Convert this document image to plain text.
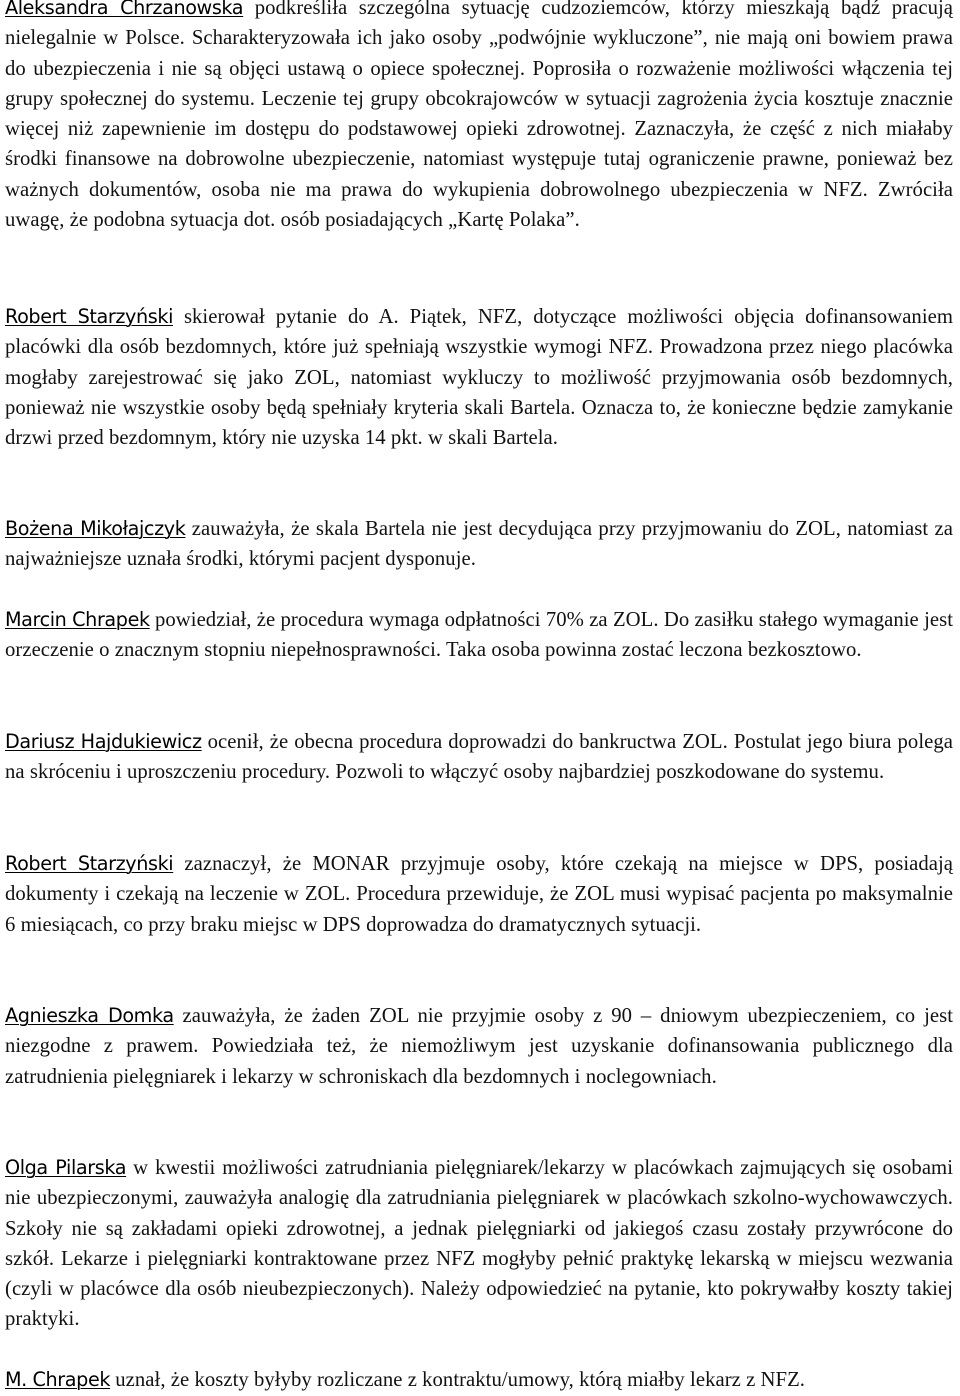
Aleksandra Chrzanowska podkreśliła szczególna sytuację cudzoziemców, którzy mieszkają bądź pracują nielegalnie w Polsce. Scharakteryzowała ich jako osoby „podwójnie wykluczone”, nie mają oni bowiem prawa do ubezpieczenia i nie są objęci ustawą o opiece społecznej. Poprosiła o rozważenie możliwości włączenia tej grupy społecznej do systemu. Leczenie tej grupy obcokrajowców w sytuacji zagrożenia życia kosztuje znacznie więcej niż zapewnienie im dostępu do podstawowej opieki zdrowotnej. Zaznaczyła, że część z nich miałaby środki finansowe na dobrowolne ubezpieczenie, natomiast występuje tutaj ograniczenie prawne, ponieważ bez ważnych dokumentów, osoba nie ma prawa do wykupienia dobrowolnego ubezpieczenia w NFZ. Zwróciła uwagę, że podobna sytuacja dot. osób posiadających „Kartę Polaka”.

Robert Starzyński skierował pytanie do A. Piątek, NFZ, dotyczące możliwości objęcia dofinansowaniem placówki dla osób bezdomnych, które już spełniają wszystkie wymogi NFZ. Prowadzona przez niego placówka mogłaby zarejestrować się jako ZOL, natomiast wykluczy to możliwość przyjmowania osób bezdomnych, ponieważ nie wszystkie osoby będą spełniały kryteria skali Bartela. Oznacza to, że konieczne będzie zamykanie drzwi przed bezdomnym, który nie uzyska 14 pkt. w skali Bartela.

Bożena Mikołajczyk zauważyła, że skala Bartela nie jest decydująca przy przyjmowaniu do ZOL, natomiast za najważniejsze uznała środki, którymi pacjent dysponuje.

Marcin Chrapek powiedział, że procedura wymaga odpłatności 70% za ZOL. Do zasiłku stałego wymaganie jest orzeczenie o znacznym stopniu niepełnosprawności. Taka osoba powinna zostać leczona bezkosztowo.

Dariusz Hajdukiewicz ocenił, że obecna procedura doprowadzi do bankructwa ZOL. Postulat jego biura polega na skróceniu i uproszczeniu procedury. Pozwoli to włączyć osoby najbardziej poszkodowane do systemu.

Robert Starzyński zaznaczył, że MONAR przyjmuje osoby, które czekają na miejsce w DPS, posiadają dokumenty i czekają na leczenie w ZOL. Procedura przewiduje, że ZOL musi wypisać pacjenta po maksymalnie 6 miesiącach, co przy braku miejsc w DPS doprowadza do dramatycznych sytuacji.

Agnieszka Domka zauważyła, że żaden ZOL nie przyjmie osoby z 90 – dniowym ubezpieczeniem, co jest niezgodne z prawem. Powiedziała też, że niemożliwym jest uzyskanie dofinansowania publicznego dla zatrudnienia pielęgniarek i lekarzy w schroniskach dla bezdomnych i noclegowniach.

Olga Pilarska w kwestii możliwości zatrudniania pielęgniarek/lekarzy w placówkach zajmujących się osobami nie ubezpieczonymi, zauważyła analogię dla zatrudniania pielęgniarek w placówkach szkolno-wychowawczych. Szkoły nie są zakładami opieki zdrowotnej, a jednak pielęgniarki od jakiegoś czasu zostały przywrócone do szkół. Lekarze i pielęgniarki kontraktowane przez NFZ mogłyby pełnić praktykę lekarską w miejscu wezwania (czyli w placówce dla osób nieubezpieczonych). Należy odpowiedzieć na pytanie, kto pokrywałby koszty takiej praktyki.

M. Chrapek uznał, że koszty byłyby rozliczane z kontraktu/umowy, którą miałby lekarz z NFZ.
